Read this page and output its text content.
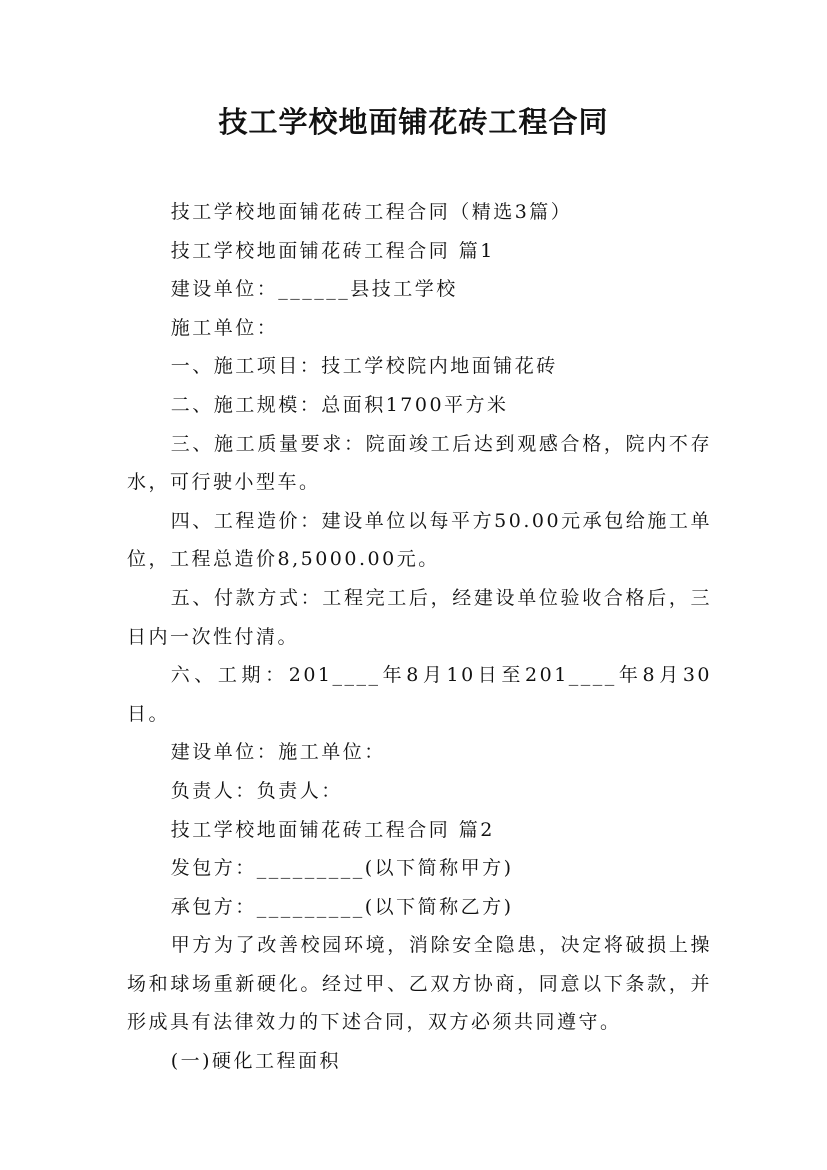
技工学校地面铺花砖工程合同

技工学校地面铺花砖工程合同（精选3篇）

技工学校地面铺花砖工程合同 篇1

建设单位：______县技工学校

施工单位：

一、施工项目：技工学校院内地面铺花砖

二、施工规模：总面积1700平方米

三、施工质量要求：院面竣工后达到观感合格，院内不存水，可行驶小型车。

四、工程造价：建设单位以每平方50.00元承包给施工单位，工程总造价8,5000.00元。

五、付款方式：工程完工后，经建设单位验收合格后，三日内一次性付清。

六、工期：201____年8月10日至201____年8月30日。

建设单位：施工单位：

负责人：负责人：

技工学校地面铺花砖工程合同 篇2

发包方：_________(以下简称甲方)

承包方：_________(以下简称乙方)

甲方为了改善校园环境，消除安全隐患，决定将破损上操场和球场重新硬化。经过甲、乙双方协商，同意以下条款，并形成具有法律效力的下述合同，双方必须共同遵守。

(一)硬化工程面积
